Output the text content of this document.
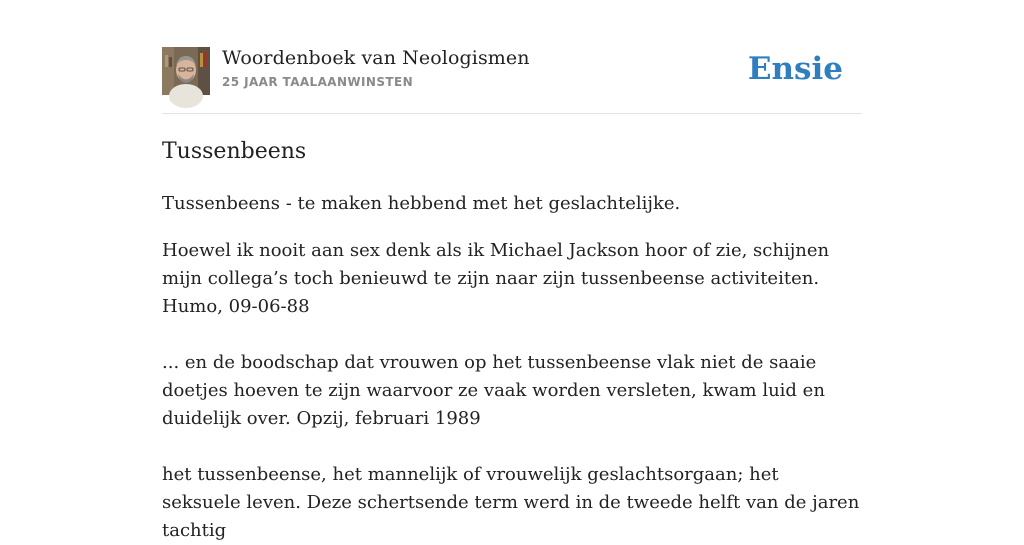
Woordenboek van Neologismen
25 JAAR TAALAANWINSTEN	Ensie
Tussenbeens

Tussenbeens - te maken hebbend met het geslachtelijke.

Hoewel ik nooit aan sex denk als ik Michael Jackson hoor of zie, schijnen mijn collega’s toch benieuwd te zijn naar zijn tussenbeense activiteiten. Humo, 09-06-88

... en de boodschap dat vrouwen op het tussenbeense vlak niet de saaie doetjes hoeven te zijn waarvoor ze vaak worden versleten, kwam luid en duidelijk over. Opzij, februari 1989

het tussenbeense, het mannelijk of vrouwelijk geslachtsorgaan; het seksuele leven. Deze schertsende term werd in de tweede helft van de jaren tachtig
